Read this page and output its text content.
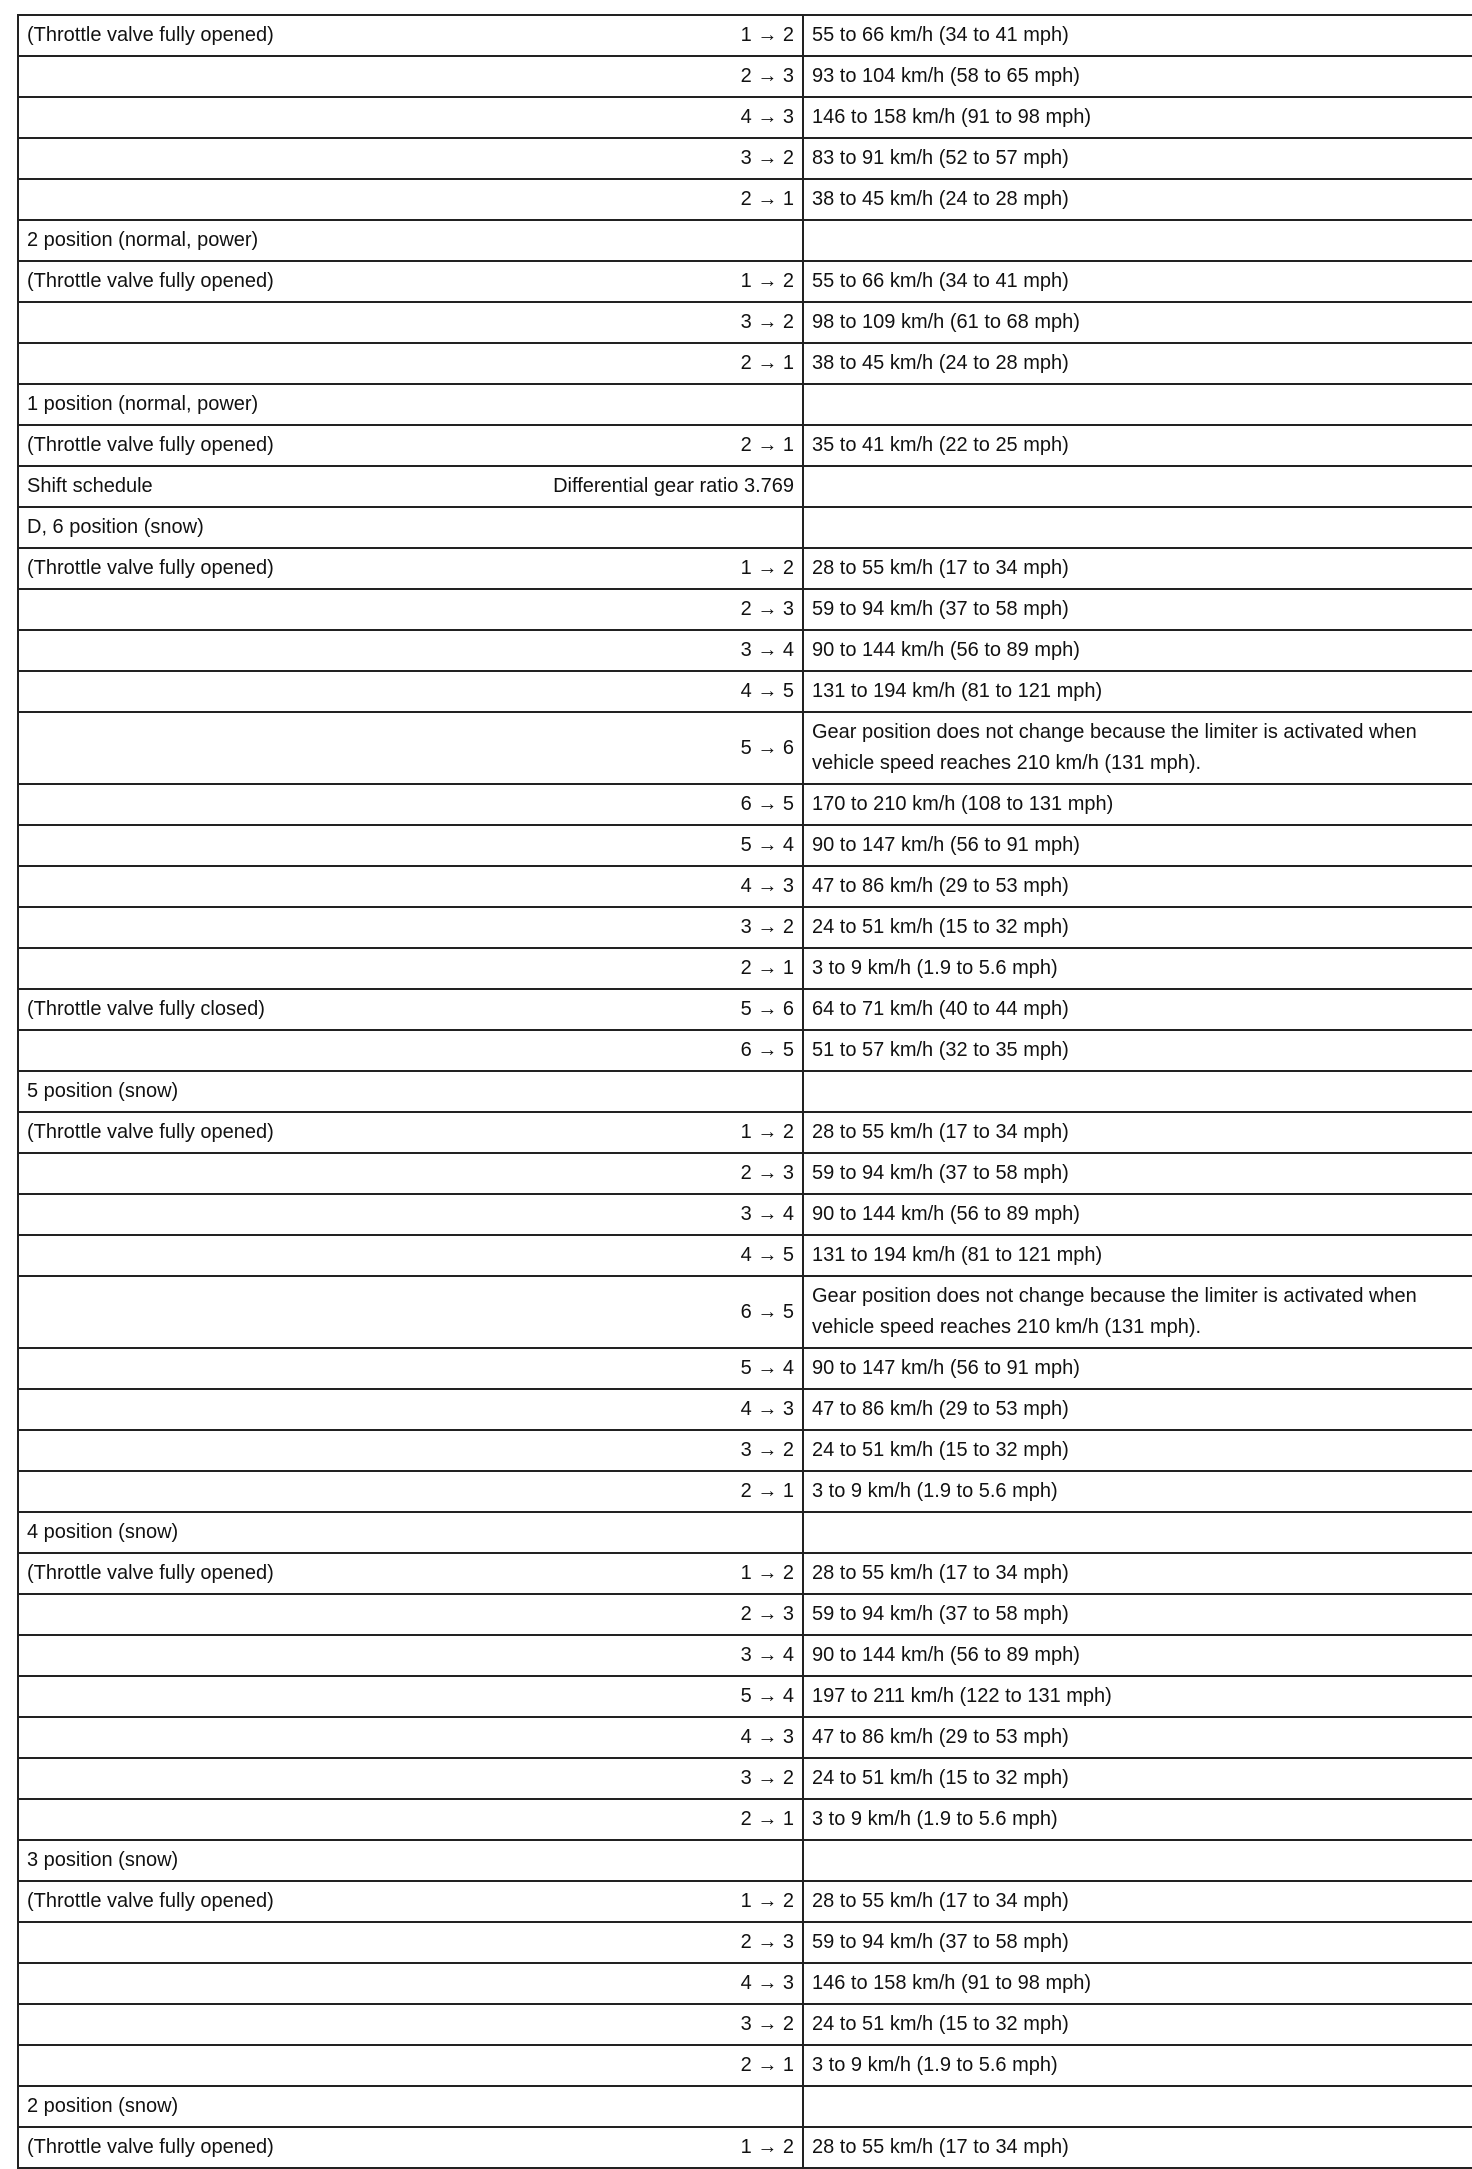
(Throttle valve fully opened) 1 → 2	55 to 66 km/h (34 to 41 mph)

2 → 3	93 to 104 km/h (58 to 65 mph)

4 → 3	146 to 158 km/h (91 to 98 mph)

3 → 2	83 to 91 km/h (52 to 57 mph)

2 → 1	38 to 45 km/h (24 to 28 mph)

2 position (normal, power)	

(Throttle valve fully opened) 1 → 2	55 to 66 km/h (34 to 41 mph)

3 → 2	98 to 109 km/h (61 to 68 mph)

2 → 1	38 to 45 km/h (24 to 28 mph)

1 position (normal, power)	

(Throttle valve fully opened) 2 → 1	35 to 41 km/h (22 to 25 mph)

Shift schedule Differential gear ratio 3.769	

D, 6 position (snow)	

(Throttle valve fully opened) 1 → 2	28 to 55 km/h (17 to 34 mph)

2 → 3	59 to 94 km/h (37 to 58 mph)

3 → 4	90 to 144 km/h (56 to 89 mph)

4 → 5	131 to 194 km/h (81 to 121 mph)

5 → 6	Gear position does not change because the limiter is activated when vehicle speed reaches 210 km/h (131 mph).

6 → 5	170 to 210 km/h (108 to 131 mph)

5 → 4	90 to 147 km/h (56 to 91 mph)

4 → 3	47 to 86 km/h (29 to 53 mph)

3 → 2	24 to 51 km/h (15 to 32 mph)

2 → 1	3 to 9 km/h (1.9 to 5.6 mph)

(Throttle valve fully closed) 5 → 6	64 to 71 km/h (40 to 44 mph)

6 → 5	51 to 57 km/h (32 to 35 mph)

5 position (snow)	

(Throttle valve fully opened) 1 → 2	28 to 55 km/h (17 to 34 mph)

2 → 3	59 to 94 km/h (37 to 58 mph)

3 → 4	90 to 144 km/h (56 to 89 mph)

4 → 5	131 to 194 km/h (81 to 121 mph)

6 → 5	Gear position does not change because the limiter is activated when vehicle speed reaches 210 km/h (131 mph).

5 → 4	90 to 147 km/h (56 to 91 mph)

4 → 3	47 to 86 km/h (29 to 53 mph)

3 → 2	24 to 51 km/h (15 to 32 mph)

2 → 1	3 to 9 km/h (1.9 to 5.6 mph)

4 position (snow)	

(Throttle valve fully opened) 1 → 2	28 to 55 km/h (17 to 34 mph)

2 → 3	59 to 94 km/h (37 to 58 mph)

3 → 4	90 to 144 km/h (56 to 89 mph)

5 → 4	197 to 211 km/h (122 to 131 mph)

4 → 3	47 to 86 km/h (29 to 53 mph)

3 → 2	24 to 51 km/h (15 to 32 mph)

2 → 1	3 to 9 km/h (1.9 to 5.6 mph)

3 position (snow)	

(Throttle valve fully opened) 1 → 2	28 to 55 km/h (17 to 34 mph)

2 → 3	59 to 94 km/h (37 to 58 mph)

4 → 3	146 to 158 km/h (91 to 98 mph)

3 → 2	24 to 51 km/h (15 to 32 mph)

2 → 1	3 to 9 km/h (1.9 to 5.6 mph)

2 position (snow)	

(Throttle valve fully opened) 1 → 2	28 to 55 km/h (17 to 34 mph)
